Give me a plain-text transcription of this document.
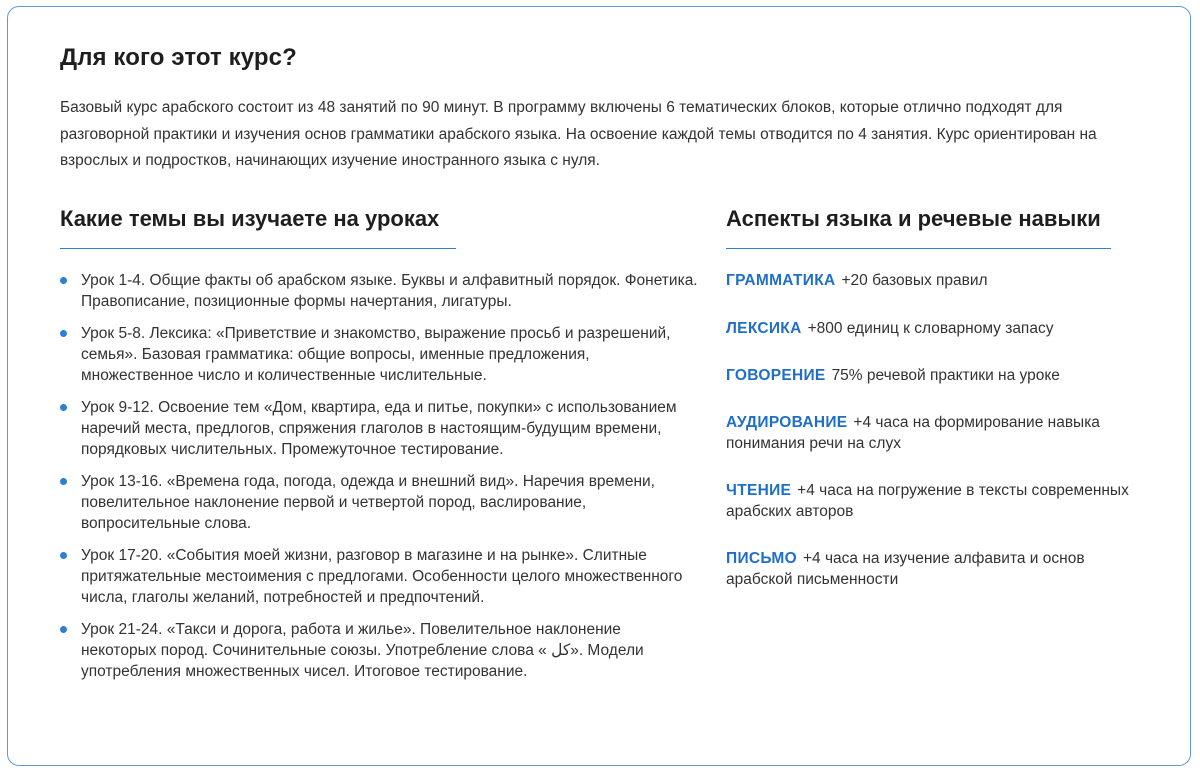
Для кого этот курс?

Базовый курс арабского состоит из 48 занятий по 90 минут. В программу включены 6 тематических блоков, которые отлично подходят для разговорной практики и изучения основ грамматики арабского языка. На освоение каждой темы отводится по 4 занятия. Курс ориентирован на взрослых и подростков, начинающих изучение иностранного языка с нуля.

Какие темы вы изучаете на уроках	Аспекты языка и речевые навыки
Урок 1-4. Общие факты об арабском языке. Буквы и алфавитный порядок. Фонетика. Правописание, позиционные формы начертания, лигатуры.
Урок 5-8. Лексика: «Приветствие и знакомство, выражение просьб и разрешений, семья». Базовая грамматика: общие вопросы, именные предложения, множественное число и количественные числительные.
Урок 9-12. Освоение тем «Дом, квартира, еда и питье, покупки» с использованием наречий места, предлогов, спряжения глаголов в настоящим-будущим времени, порядковых числительных. Промежуточное тестирование.
Урок 13-16. «Времена года, погода, одежда и внешний вид». Наречия времени, повелительное наклонение первой и четвертой пород, васлирование, вопросительные слова.
Урок 17-20. «События моей жизни, разговор в магазине и на рынке». Слитные притяжательные местоимения с предлогами. Особенности целого множественного числа, глаголы желаний, потребностей и предпочтений.
Урок 21-24. «Такси и дорога, работа и жилье». Повелительное наклонение некоторых пород. Сочинительные союзы. Употребление слова « كل». Модели употребления множественных чисел. Итоговое тестирование.

ГРАММАТИКА +20 базовых правил

ЛЕКСИКА +800 единиц к словарному запасу

ГОВОРЕНИЕ 75% речевой практики на уроке

АУДИРОВАНИЕ +4 часа на формирование навыка понимания речи на слух

ЧТЕНИЕ +4 часа на погружение в тексты современных арабских авторов

ПИСЬМО +4 часа на изучение алфавита и основ арабской письменности
